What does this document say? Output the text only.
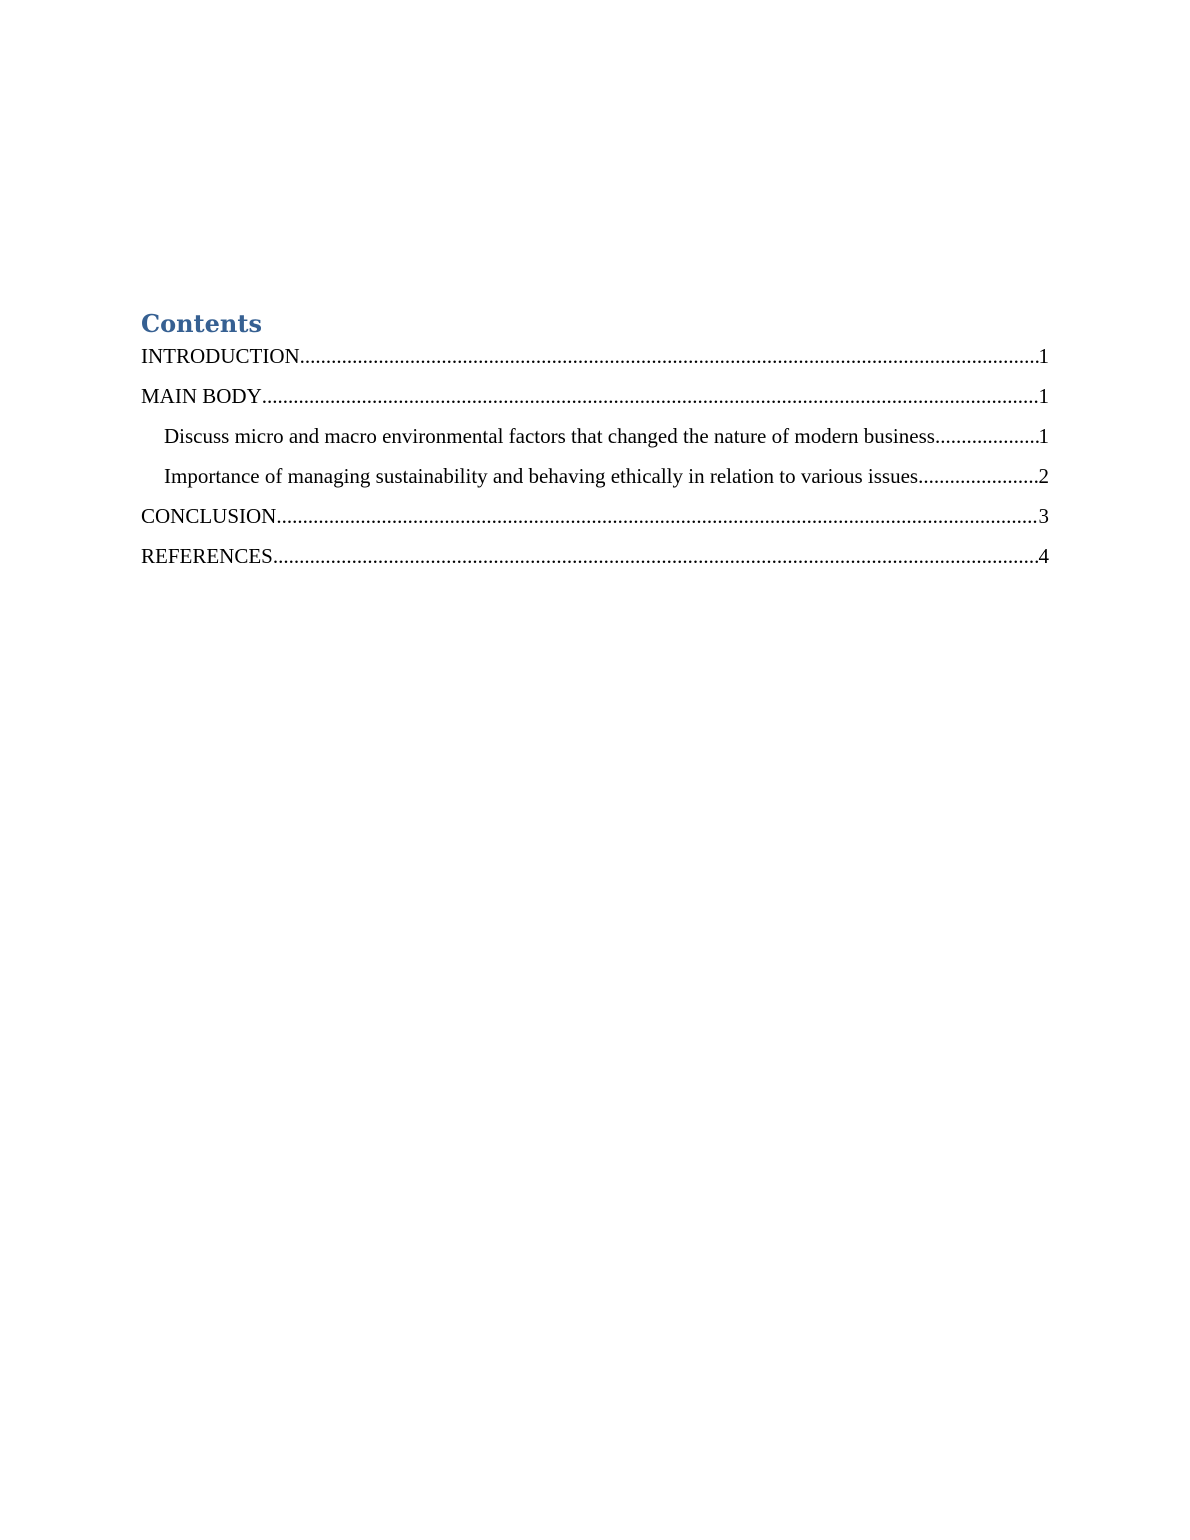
Contents
INTRODUCTION .....	1
MAIN BODY .....	1
Discuss micro and macro environmental factors that changed the nature of modern business .....	1
Importance of managing sustainability and behaving ethically in relation to various issues .....	2
CONCLUSION .....	3
REFERENCES .....	4
